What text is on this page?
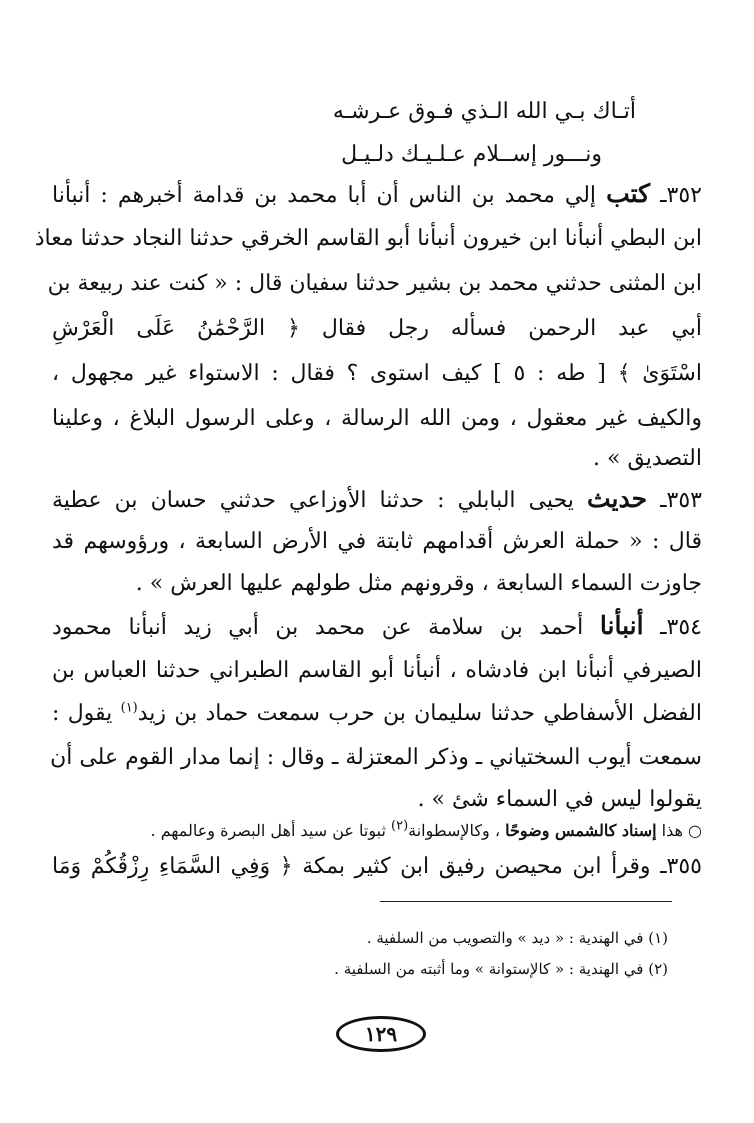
أتـاك بـي الله الـذي فـوق عـرشـه
ونـــور إســلام عـلـيـك دلـيـل
٣٥٢ـ كتب إلي محمد بن الناس أن أبا محمد بن قدامة أخبرهم : أنبأنا
ابن البطي أنبأنا ابن خيرون أنبأنا أبو القاسم الخرقي حدثنا النجاد حدثنا معاذ
ابن المثنى حدثني محمد بن بشير حدثنا سفيان قال : « كنت عند ربيعة بن
أبي عبد الرحمن فسأله رجل فقال ﴿ الرَّحْمَٰنُ عَلَى الْعَرْشِ
اسْتَوَىٰ ﴾ [ طه : ٥ ] كيف استوى ؟ فقال : الاستواء غير مجهول ،
والكيف غير معقول ، ومن الله الرسالة ، وعلى الرسول البلاغ ، وعلينا
التصديق » .
٣٥٣ـ حديث يحيى البابلي : حدثنا الأوزاعي حدثني حسان بن عطية
قال : « حملة العرش أقدامهم ثابتة في الأرض السابعة ، ورؤوسهم قد
جاوزت السماء السابعة ، وقرونهم مثل طولهم عليها العرش » .
٣٥٤ـ أنبأنا أحمد بن سلامة عن محمد بن أبي زيد أنبأنا محمود
الصيرفي أنبأنا ابن فادشاه ، أنبأنا أبو القاسم الطبراني حدثنا العباس بن
الفضل الأسفاطي حدثنا سليمان بن حرب سمعت حماد بن زيد$^{(١)}$ يقول :
سمعت أيوب السختياني ـ وذكر المعتزلة ـ وقال : إنما مدار القوم على أن
يقولوا ليس في السماء شئ » .
○ هذا إسناد كالشمس وضوحًا ، وكالإسطوانة$^{(٢)}$ ثبوتا عن سيد أهل البصرة وعالمهم .
٣٥٥ـ وقرأ ابن محيصن رفيق ابن كثير بمكة ﴿ وَفِي السَّمَاءِ رِزْقُكُمْ وَمَا
(١) في الهندية : « ديد » والتصويب من السلفية .
(٢) في الهندية : « كالإستوانة » وما أثبته من السلفية .
١٢٩
